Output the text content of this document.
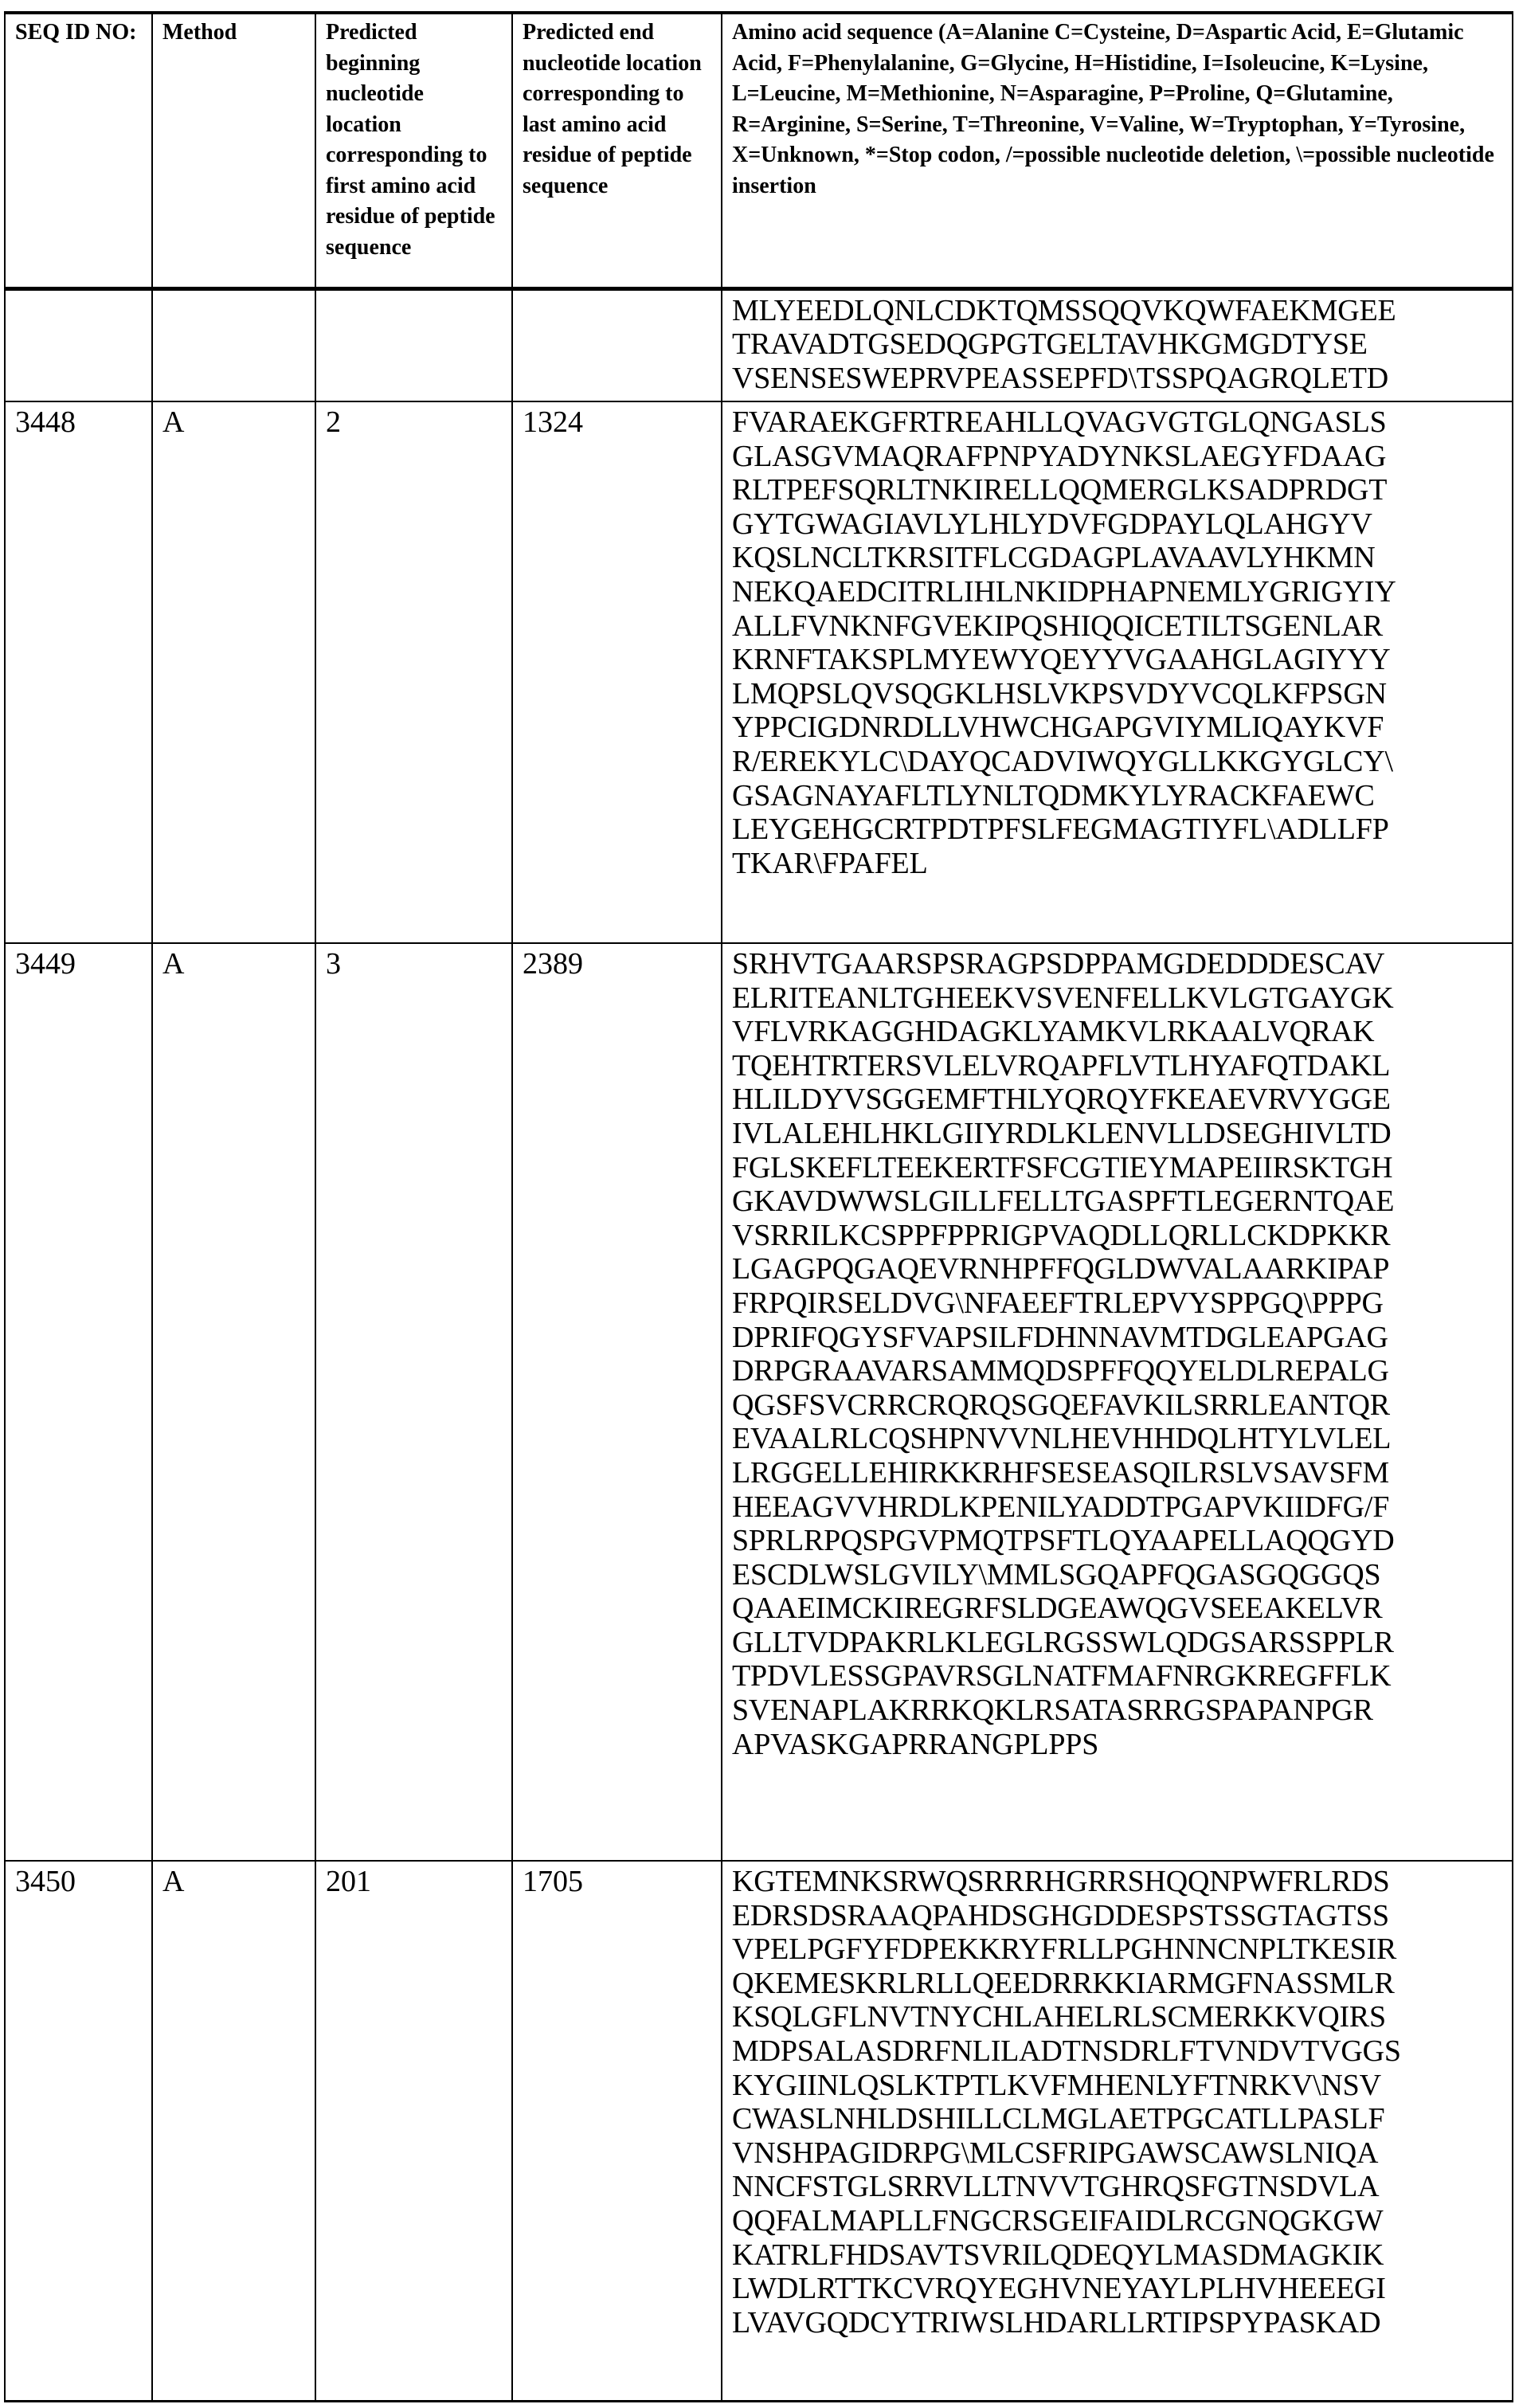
SEQ ID NO:	Method	Predicted beginning nucleotide location corresponding to first amino acid residue of peptide sequence	Predicted end nucleotide location corresponding to last amino acid residue of peptide sequence	Amino acid sequence (A=Alanine C=Cysteine, D=Aspartic Acid, E=Glutamic Acid, F=Phenylalanine, G=Glycine, H=Histidine, I=Isoleucine, K=Lysine, L=Leucine, M=Methionine, N=Asparagine, P=Proline, Q=Glutamine, R=Arginine, S=Serine, T=Threonine, V=Valine, W=Tryptophan, Y=Tyrosine, X=Unknown, *=Stop codon, /=possible nucleotide deletion, \=possible nucleotide insertion

MLYEEDLQNLCDKTQMSSQQVKQWFAEKMGEE
TRAVADTGSEDQGPGTGELTAVHKGMGDTYSE
VSENSESWEPRVPEASSEPFD\TSSPQAGRQLETD

3448	A	2	1324	FVARAEKGFRTREAHLLQVAGVGTGLQNGASLS
GLASGVMAQRAFPNPYADYNKSLAEGYFDAAG
RLTPEFSQRLTNKIRELLQQMERGLKSADPRDGT
GYTGWAGIAVLYLHLYDVFGDPAYLQLAHGYV
KQSLNCLTKRSITFLCGDAGPLAVAAVLYHKMN
NEKQAEDCITRLIHLNKIDPHAPNEMLYGRIGYIY
ALLFVNKNFGVEKIPQSHIQQICETILTSGENLAR
KRNFTAKSPLMYEWYQEYYVGAAHGLAGIYYY
LMQPSLQVSQGKLHSLVKPSVDYVCQLKFPSGN
YPPCIGDNRDLLVHWCHGAPGVIYMLIQAYKVF
R/EREKYLC\DAYQCADVIWQYGLLKKGYGLCY\
GSAGNAYAFLTLYNLTQDMKYLYRACKFAEWC
LEYGEHGCRTPDTPFSLFEGMAGTIYFL\ADLLFP
TKAR\FPAFEL

3449	A	3	2389	SRHVTGAARSPSRAGPSDPPAMGDEDDDESCAV
ELRITEANLTGHEEKVSVENFELLKVLGTGAYGK
VFLVRKAGGHDAGKLYAMKVLRKAALVQRAK
TQEHTRTERSVLELVRQAPFLVTLHYAFQTDAKL
HLILDYVSGGEMFTHLYQRQYFKEAEVRVYGGE
IVLALEHLHKLGIIYRDLKLENVLLDSEGHIVLTD
FGLSKEFLTEEKERTFSFCGTIEYMAPEIIRSKTGH
GKAVDWWSLGILLFELLTGASPFTLEGERNTQAE
VSRRILKCSPPFPPRIGPVAQDLLQRLLCKDPKKR
LGAGPQGAQEVRNHPFFQGLDWVALAARKIPAP
FRPQIRSELDVG\NFAEEFTRLEPVYSPPGQ\PPPG
DPRIFQGYSFVAPSILFDHNNAVMTDGLEAPGAG
DRPGRAAVARSAMMQDSPFFQQYELDLREPALG
QGSFSVCRRCRQRQSGQEFAVKILSRRLEANTQR
EVAALRLCQSHPNVVNLHEVHHDQLHTYLVLEL
LRGGELLEHIRKKRHFSESEASQILRSLVSAVSFM
HEEAGVVHRDLKPENILYADDTPGAPVKIIDFG/F
SPRLRPQSPGVPMQTPSFTLQYAAPELLAQQGYD
ESCDLWSLGVILY\MMLSGQAPFQGASGQGGQS
QAAEIMCKIREGRFSLDGEAWQGVSEEAKELVR
GLLTVDPAKRLKLEGLRGSSWLQDGSARSSPPLR
TPDVLESSGPAVRSGLNATFMAFNRGKREGFFLK
SVENAPLAKRRKQKLRSATASRRGSPAPANPGR
APVASKGAPRRANGPLPPS

3450	A	201	1705	KGTEMNKSRWQSRRRHGRRSHQQNPWFRLRDS
EDRSDSRAAQPAHDSGHGDDESPSTSSGTAGTSS
VPELPGFYFDPEKKRYFRLLPGHNNCNPLTKESIR
QKEMESKRLRLLQEEDRRKKIARMGFNASSMLR
KSQLGFLNVTNYCHLAHELRLSCMERKKVQIRS
MDPSALASDRFNLILADTNSDRLFTVNDVTVGGS
KYGIINLQSLKTPTLKVFMHENLYFTNRKV\NSV
CWASLNHLDSHILLCLMGLAETPGCATLLPASLF
VNSHPAGIDRPG\MLCSFRIPGAWSCAWSLNIQA
NNCFSTGLSRRVLLTNVVTGHRQSFGTNSDVLA
QQFALMAPLLFNGCRSGEIFAIDLRCGNQGKGW
KATRLFHDSAVTSVRILQDEQYLMASDMAGKIK
LWDLRTTKCVRQYEGHVNEYAYLPLHVHEEEGI
LVAVGQDCYTRIWSLHDARLLRTIPSPYPASKAD
